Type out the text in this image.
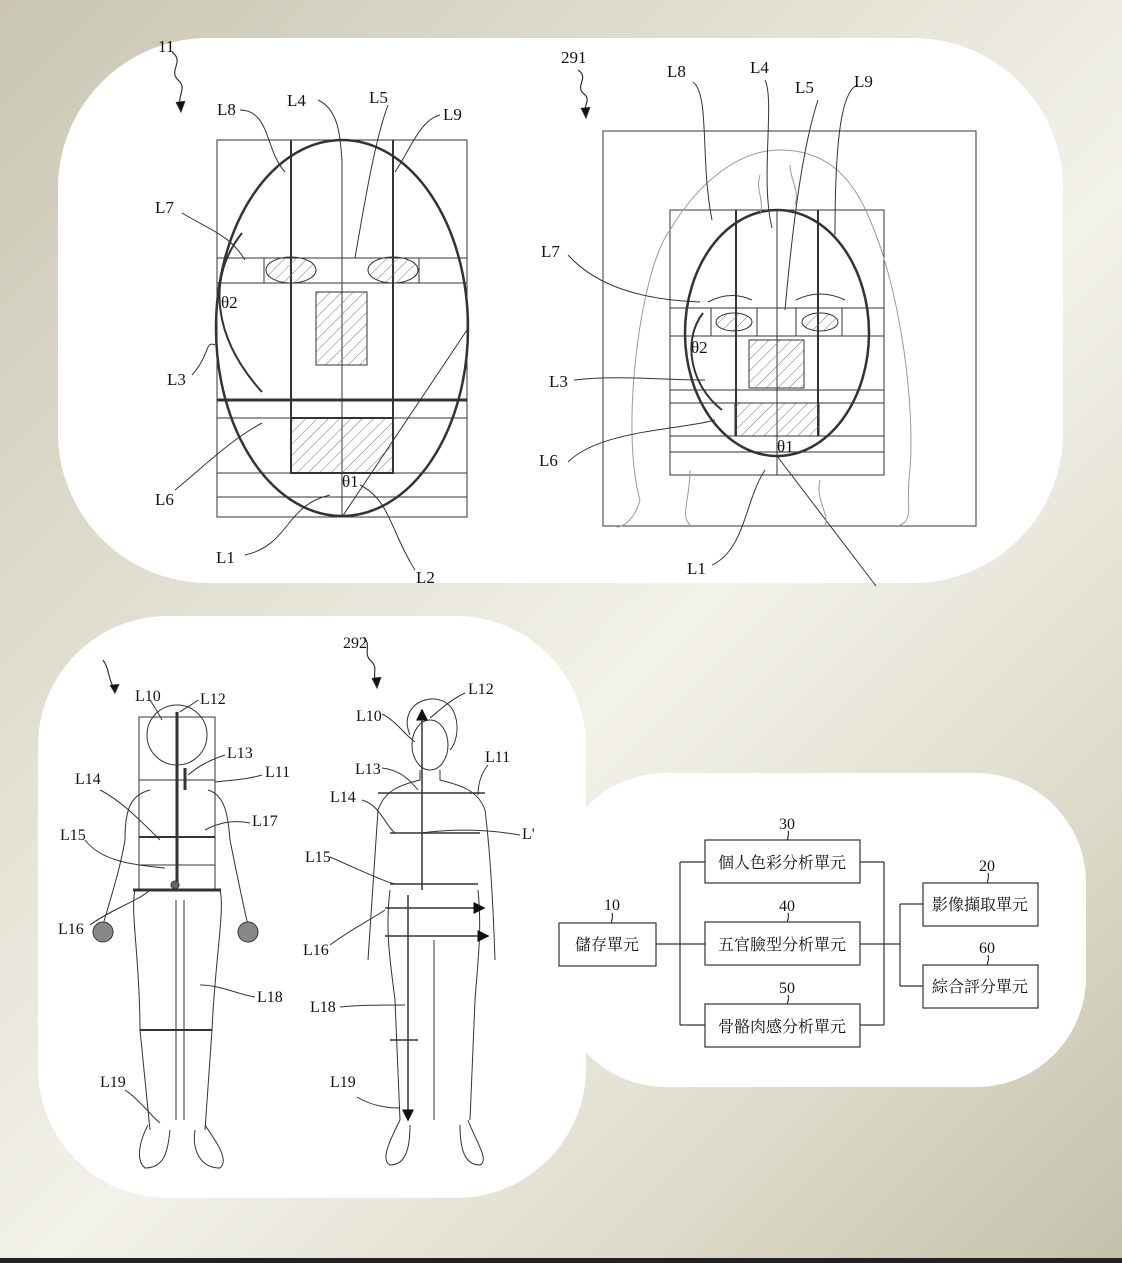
11
L8	L4	L5
L9
L7
θ2
L3
L6
θ1
L1
L2
291
L8	L4
L5 L9
L7
θ2
L3
L6
θ1
L1
L10 L12
L13
L11
L14
L17
L15
L16
L18
L19
292
L12
L10
L11
L13
L14
L'
L15
L16
L18
L19
10
儲存單元
30
個人色彩分析單元
40
五官臉型分析單元
50
骨骼肉感分析單元
20
影像擷取單元
60
綜合評分單元
